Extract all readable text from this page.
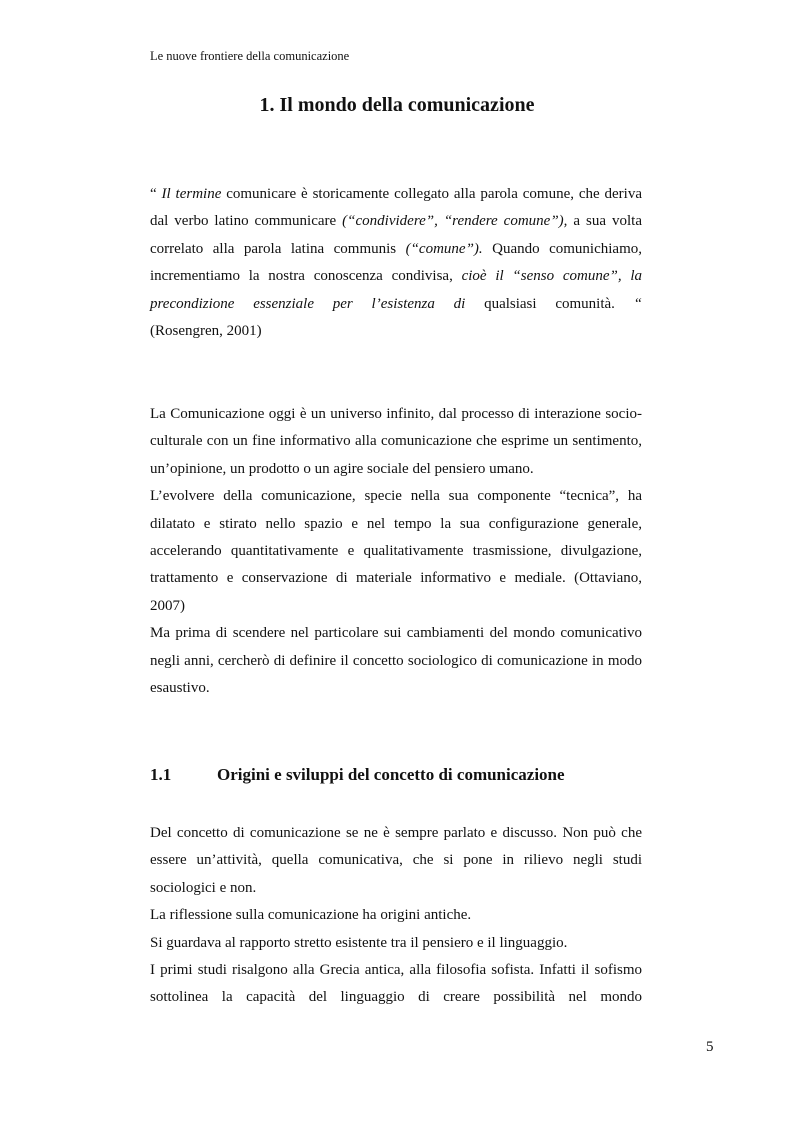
Le nuove frontiere della comunicazione
1. Il mondo della comunicazione

“ Il termine comunicare è storicamente collegato alla parola comune, che deriva dal verbo latino communicare (“condividere”, “rendere comune”), a sua volta correlato alla parola latina communis (“comune”). Quando comunichiamo, incrementiamo la nostra conoscenza condivisa, cioè il “senso comune”, la precondizione essenziale per l’esistenza di qualsiasi comunità. “

(Rosengren, 2001)

La Comunicazione oggi è un universo infinito, dal processo di interazione socio-culturale con un fine informativo alla comunicazione che esprime un sentimento, un’opinione, un prodotto o un agire sociale del pensiero umano.

L’evolvere della comunicazione, specie nella sua componente “tecnica”, ha dilatato e stirato nello spazio e nel tempo la sua configurazione generale, accelerando quantitativamente e qualitativamente trasmissione, divulgazione, trattamento e conservazione di materiale informativo e mediale. (Ottaviano, 2007)

Ma prima di scendere nel particolare sui cambiamenti del mondo comunicativo negli anni, cercherò di definire il concetto sociologico di comunicazione in modo esaustivo.

1.1	Origini e sviluppi del concetto di comunicazione

Del concetto di comunicazione se ne è sempre parlato e discusso. Non può che essere un’attività, quella comunicativa, che si pone in rilievo negli studi sociologici e non.

La riflessione sulla comunicazione ha origini antiche.

Si guardava al rapporto stretto esistente tra il pensiero e il linguaggio.

I primi studi risalgono alla Grecia antica, alla filosofia sofista. Infatti il sofismo sottolinea la capacità del linguaggio di creare possibilità nel mondo

5
